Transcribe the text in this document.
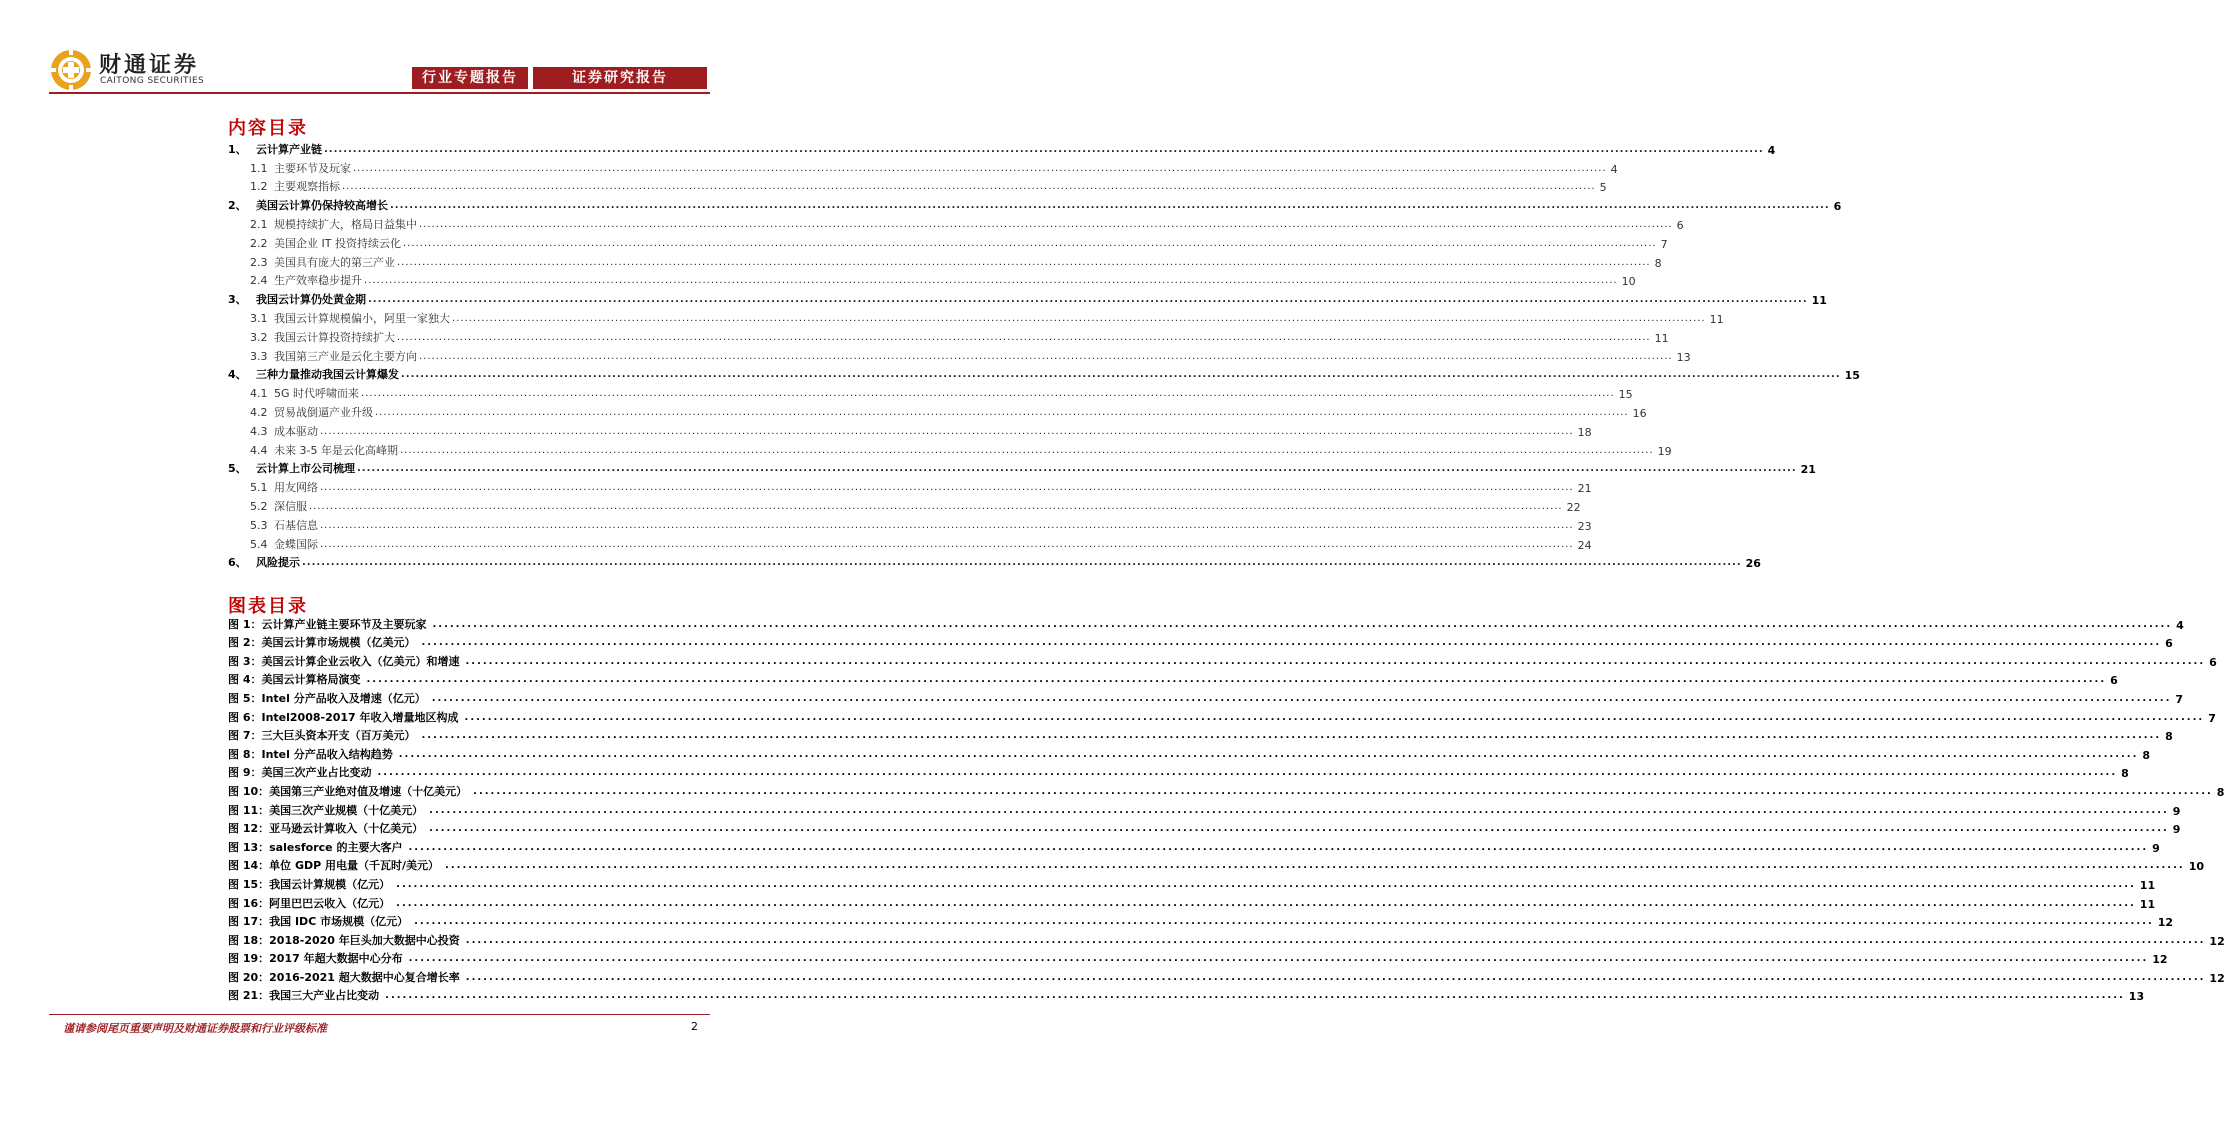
财通证券
CAITONG SECURITIES	行业专题报告	证券研究报告
内容目录
1、 云计算产业链 ............................................................................................................................................................................................................................................................................................................ 4
1.1 主要环节及玩家 ............................................................................................................................................................................................................................................................................................................ 4
1.2 主要观察指标 ............................................................................................................................................................................................................................................................................................................ 5
2、 美国云计算仍保持较高增长 ............................................................................................................................................................................................................................................................................................................ 6
2.1 规模持续扩大，格局日益集中 ............................................................................................................................................................................................................................................................................................................ 6
2.2 美国企业 IT 投资持续云化 ............................................................................................................................................................................................................................................................................................................ 7
2.3 美国具有庞大的第三产业 ............................................................................................................................................................................................................................................................................................................ 8
2.4 生产效率稳步提升 ............................................................................................................................................................................................................................................................................................................ 10
3、 我国云计算仍处黄金期 ............................................................................................................................................................................................................................................................................................................ 11
3.1 我国云计算规模偏小，阿里一家独大 ............................................................................................................................................................................................................................................................................................................ 11
3.2 我国云计算投资持续扩大 ............................................................................................................................................................................................................................................................................................................ 11
3.3 我国第三产业是云化主要方向 ............................................................................................................................................................................................................................................................................................................ 13
4、 三种力量推动我国云计算爆发 ............................................................................................................................................................................................................................................................................................................ 15
4.1 5G 时代呼啸而来 ............................................................................................................................................................................................................................................................................................................ 15
4.2 贸易战倒逼产业升级 ............................................................................................................................................................................................................................................................................................................ 16
4.3 成本驱动 ............................................................................................................................................................................................................................................................................................................ 18
4.4 未来 3-5 年是云化高峰期 ............................................................................................................................................................................................................................................................................................................ 19
5、 云计算上市公司梳理 ............................................................................................................................................................................................................................................................................................................ 21
5.1 用友网络 ............................................................................................................................................................................................................................................................................................................ 21
5.2 深信服 ............................................................................................................................................................................................................................................................................................................ 22
5.3 石基信息 ............................................................................................................................................................................................................................................................................................................ 23
5.4 金蝶国际 ............................................................................................................................................................................................................................................................................................................ 24
6、 风险提示 ............................................................................................................................................................................................................................................................................................................ 26
图表目录
图 1：云计算产业链主要环节及主要玩家 ............................................................................................................................................................................................................................................................................................................ 4
图 2：美国云计算市场规模（亿美元） ............................................................................................................................................................................................................................................................................................................ 6
图 3：美国云计算企业云收入（亿美元）和增速 ............................................................................................................................................................................................................................................................................................................ 6
图 4：美国云计算格局演变 ............................................................................................................................................................................................................................................................................................................ 6
图 5：Intel 分产品收入及增速（亿元） ............................................................................................................................................................................................................................................................................................................ 7
图 6：Intel2008-2017 年收入增量地区构成 ............................................................................................................................................................................................................................................................................................................ 7
图 7：三大巨头资本开支（百万美元） ............................................................................................................................................................................................................................................................................................................ 8
图 8：Intel 分产品收入结构趋势 ............................................................................................................................................................................................................................................................................................................ 8
图 9：美国三次产业占比变动 ............................................................................................................................................................................................................................................................................................................ 8
图 10：美国第三产业绝对值及增速（十亿美元） ............................................................................................................................................................................................................................................................................................................ 8
图 11：美国三次产业规模（十亿美元） ............................................................................................................................................................................................................................................................................................................ 9
图 12：亚马逊云计算收入（十亿美元） ............................................................................................................................................................................................................................................................................................................ 9
图 13：salesforce 的主要大客户 ............................................................................................................................................................................................................................................................................................................ 9
图 14：单位 GDP 用电量（千瓦时/美元） ............................................................................................................................................................................................................................................................................................................ 10
图 15：我国云计算规模（亿元） ............................................................................................................................................................................................................................................................................................................ 11
图 16：阿里巴巴云收入（亿元） ............................................................................................................................................................................................................................................................................................................ 11
图 17：我国 IDC 市场规模（亿元） ............................................................................................................................................................................................................................................................................................................ 12
图 18：2018-2020 年巨头加大数据中心投资 ............................................................................................................................................................................................................................................................................................................ 12
图 19：2017 年超大数据中心分布 ............................................................................................................................................................................................................................................................................................................ 12
图 20：2016-2021 超大数据中心复合增长率 ............................................................................................................................................................................................................................................................................................................ 12
图 21：我国三大产业占比变动 ............................................................................................................................................................................................................................................................................................................ 13
谨请参阅尾页重要声明及财通证券股票和行业评级标准	2
